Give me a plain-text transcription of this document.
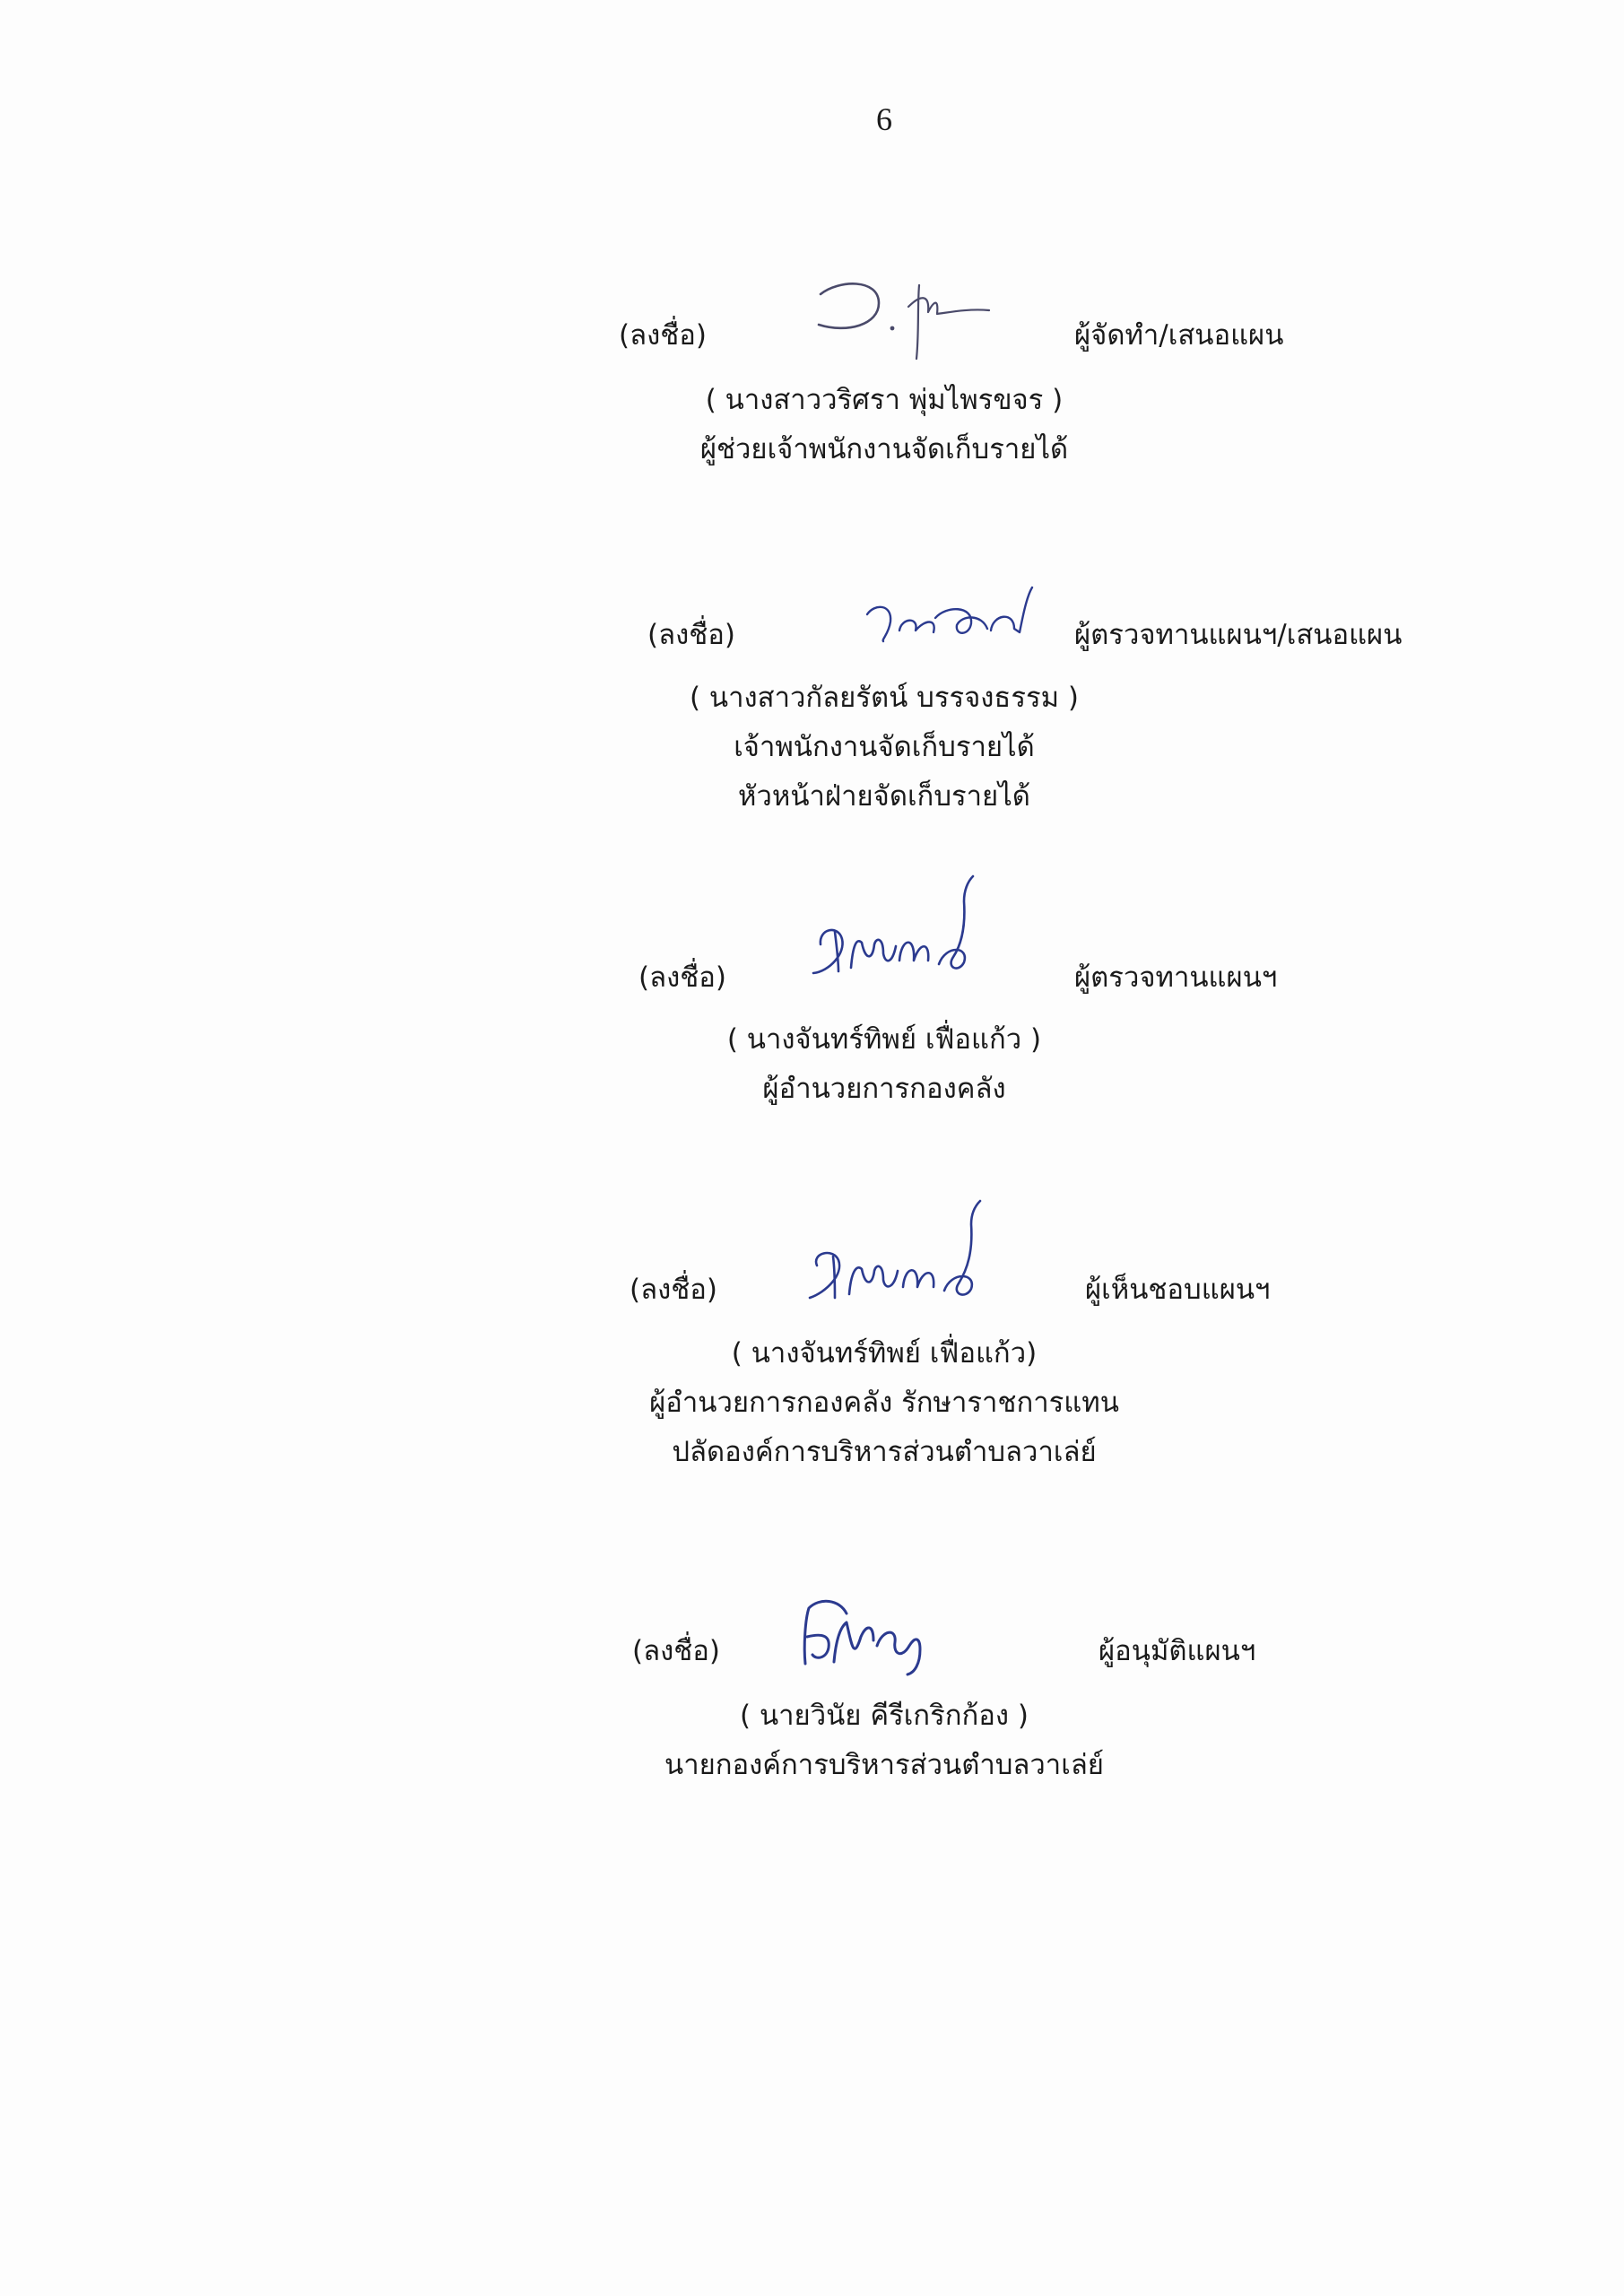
6
(ลงชื่อ)	ผู้จัดทำ/เสนอแผน
( นางสาววริศรา พุ่มไพรขจร )
ผู้ช่วยเจ้าพนักงานจัดเก็บรายได้
(ลงชื่อ)	ผู้ตรวจทานแผนฯ/เสนอแผน
( นางสาวกัลยรัตน์ บรรจงธรรม )
เจ้าพนักงานจัดเก็บรายได้
หัวหน้าฝ่ายจัดเก็บรายได้
(ลงชื่อ)	ผู้ตรวจทานแผนฯ
( นางจันทร์ทิพย์ เฟื่อแก้ว )
ผู้อำนวยการกองคลัง
(ลงชื่อ)	ผู้เห็นชอบแผนฯ
( นางจันทร์ทิพย์ เฟื่อแก้ว)
ผู้อำนวยการกองคลัง รักษาราชการแทน
ปลัดองค์การบริหารส่วนตำบลวาเล่ย์
(ลงชื่อ)	ผู้อนุมัติแผนฯ
( นายวินัย คีรีเกริกก้อง )
นายกองค์การบริหารส่วนตำบลวาเล่ย์
